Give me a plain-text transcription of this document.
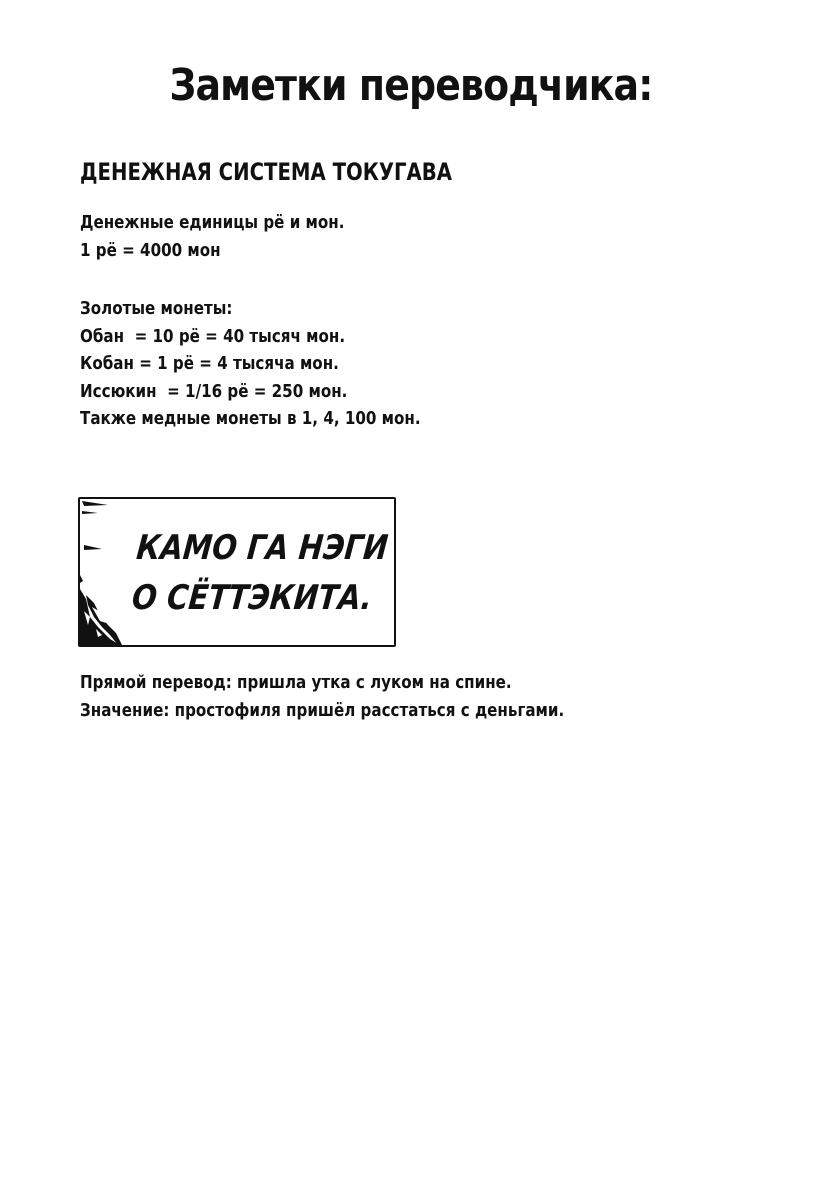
Заметки переводчика:
ДЕНЕЖНАЯ СИСТЕМА ТОКУГАВА
Денежные единицы рё и мон.
1 рё = 4000 мон
Золотые монеты:
Обан  = 10 рё = 40 тысяч мон.
Кобан = 1 рё = 4 тысяча мон.
Иссюкин  = 1/16 рё = 250 мон.
Также медные монеты в 1, 4, 100 мон.
КАМО ГА НЭГИ
О СЁТТЭКИТА.
Прямой перевод: пришла утка с луком на спине.
Значение: простофиля пришёл расстаться с деньгами.
